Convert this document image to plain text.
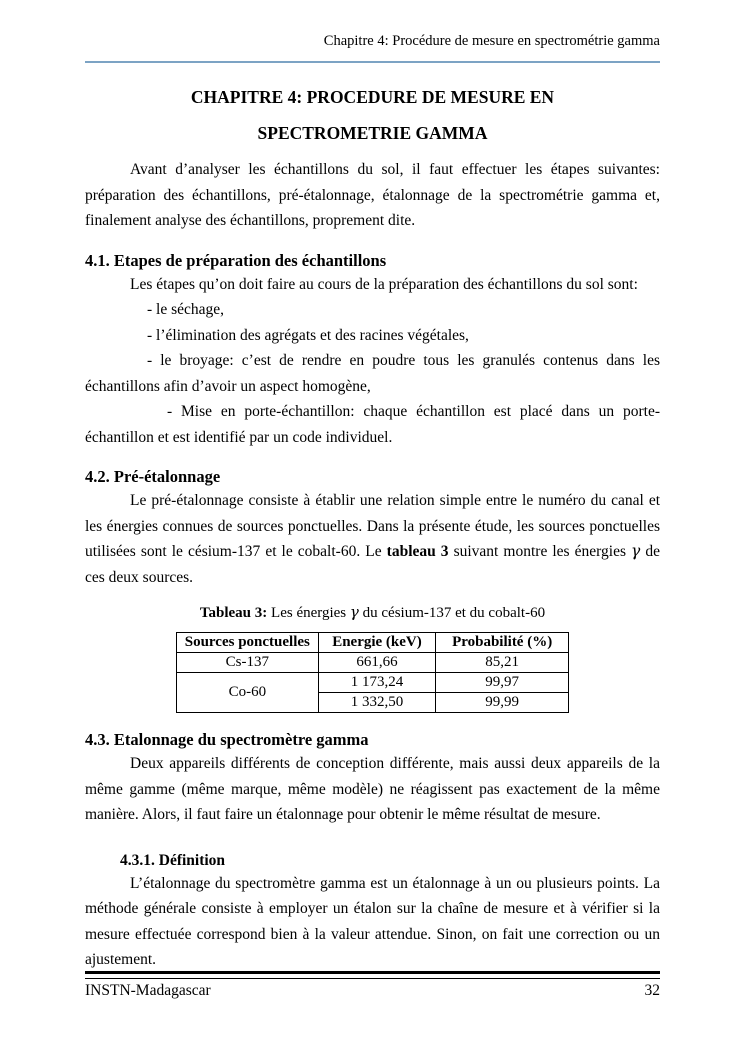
Chapitre 4: Procédure de mesure en spectrométrie gamma
CHAPITRE 4: PROCEDURE DE MESURE EN
SPECTROMETRIE GAMMA

Avant d’analyser les échantillons du sol, il faut effectuer les étapes suivantes: préparation des échantillons, pré-étalonnage, étalonnage de la spectrométrie gamma et, finalement analyse des échantillons, proprement dite.

4.1. Etapes de préparation des échantillons

Les étapes qu’on doit faire au cours de la préparation des échantillons du sol sont:

- le séchage,

- l’élimination des agrégats et des racines végétales,

- le broyage: c’est de rendre en poudre tous les granulés contenus dans les échantillons afin d’avoir un aspect homogène,

- Mise en porte-échantillon: chaque échantillon est placé dans un porte-échantillon et est identifié par un code individuel.

4.2. Pré-étalonnage

Le pré-étalonnage consiste à établir une relation simple entre le numéro du canal et les énergies connues de sources ponctuelles. Dans la présente étude, les sources ponctuelles utilisées sont le césium-137 et le cobalt-60. Le tableau 3 suivant montre les énergies γ de ces deux sources.

Tableau 3: Les énergies γ du césium-137 et du cobalt-60
Sources ponctuelles	Energie (keV)	Probabilité (%)
Cs-137	661,66	85,21
Co-60	1 173,24	99,97
	1 332,50	99,99
4.3. Etalonnage du spectromètre gamma

Deux appareils différents de conception différente, mais aussi deux appareils de la même gamme (même marque, même modèle) ne réagissent pas exactement de la même manière. Alors, il faut faire un étalonnage pour obtenir le même résultat de mesure.

4.3.1. Définition

L’étalonnage du spectromètre gamma est un étalonnage à un ou plusieurs points. La méthode générale consiste à employer un étalon sur la chaîne de mesure et à vérifier si la mesure effectuée correspond bien à la valeur attendue. Sinon, on fait une correction ou un ajustement.

INSTN-Madagascar	32
